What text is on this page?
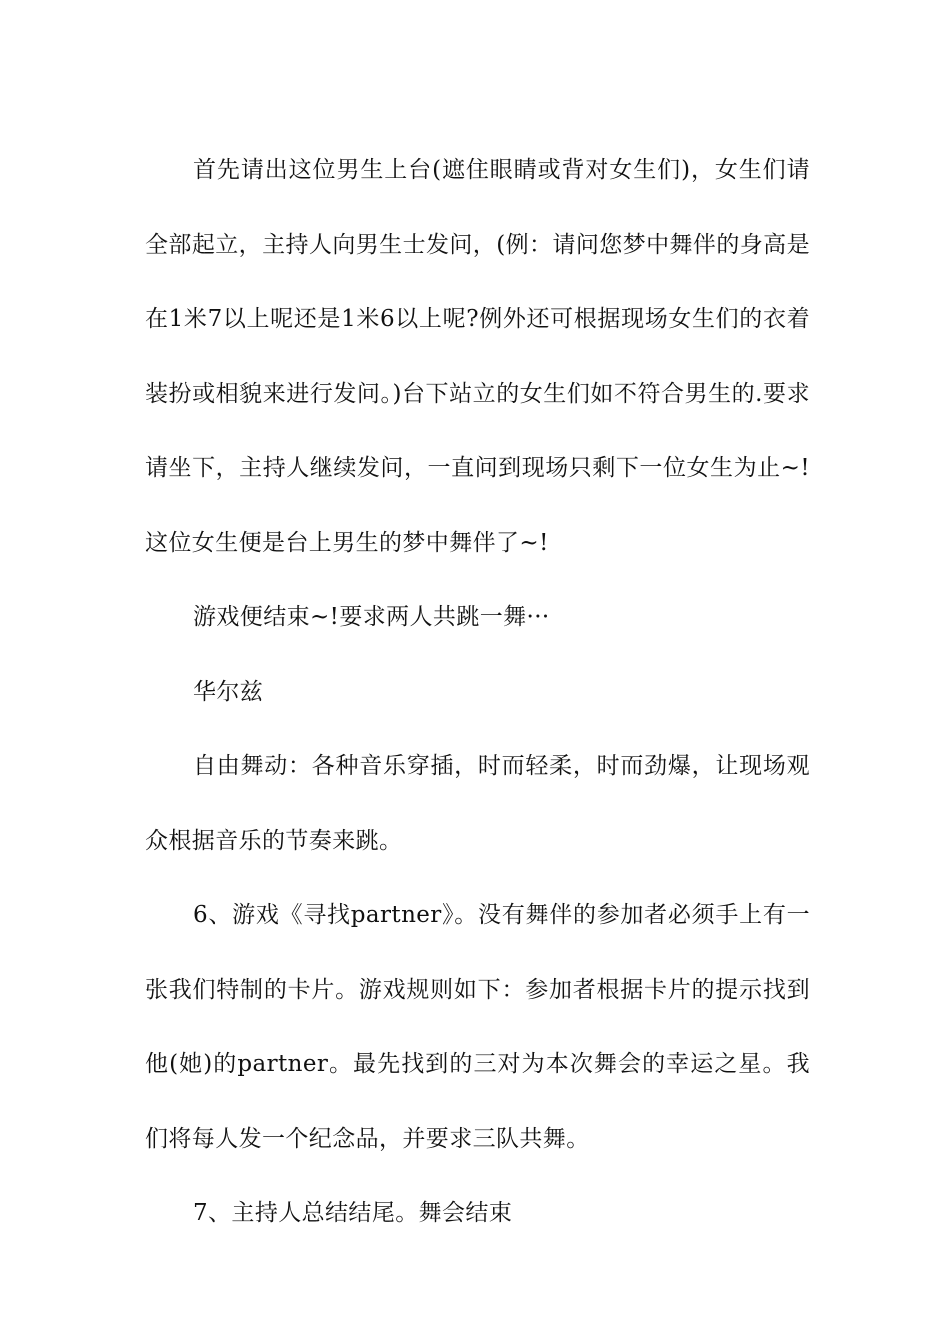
首先请出这位男生上台(遮住眼睛或背对女生们)，女生们请全部起立，主持人向男生士发问，(例：请问您梦中舞伴的身高是在1米7以上呢还是1米6以上呢?例外还可根据现场女生们的衣着装扮或相貌来进行发问。)台下站立的女生们如不符合男生的.要求请坐下，主持人继续发问，一直问到现场只剩下一位女生为止~!这位女生便是台上男生的梦中舞伴了~!

游戏便结束~!要求两人共跳一舞···

华尔兹

自由舞动：各种音乐穿插，时而轻柔，时而劲爆，让现场观众根据音乐的节奏来跳。

6、游戏《寻找partner》。没有舞伴的参加者必须手上有一张我们特制的卡片。游戏规则如下：参加者根据卡片的提示找到他(她)的partner。最先找到的三对为本次舞会的幸运之星。我们将每人发一个纪念品，并要求三队共舞。

7、主持人总结结尾。舞会结束
